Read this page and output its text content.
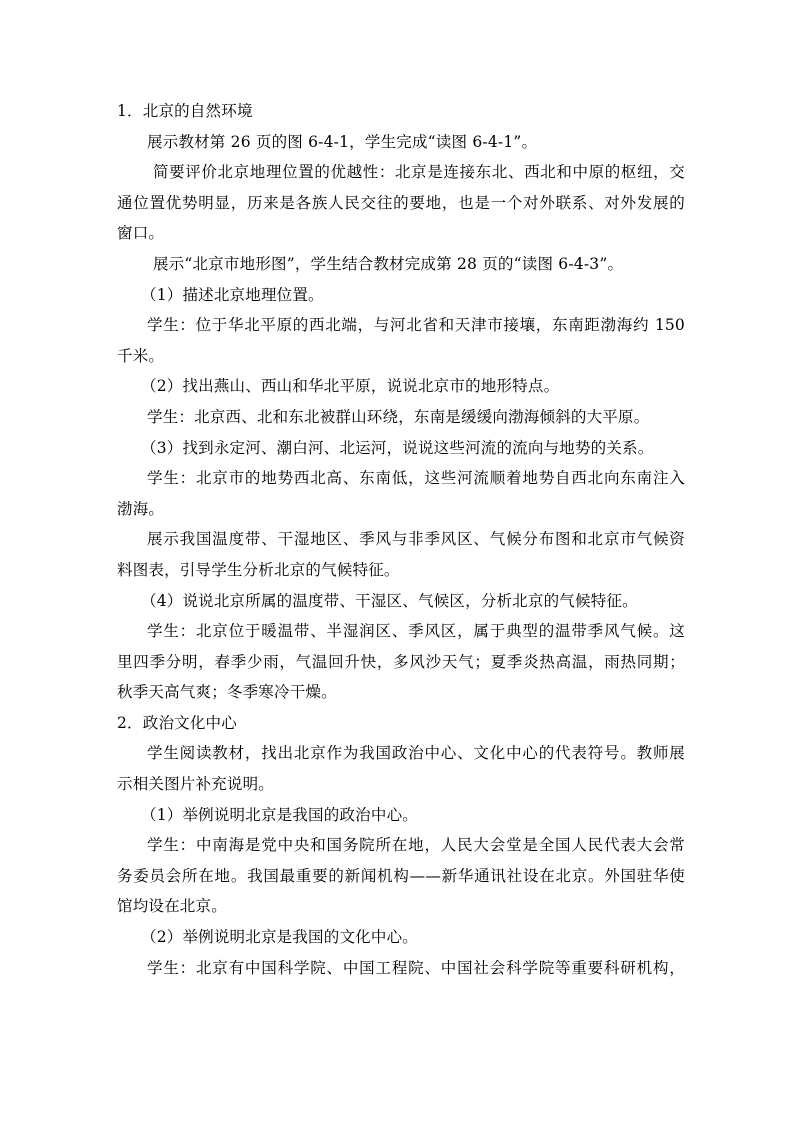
1．北京的自然环境
展示教材第 26 页的图 6-4-1，学生完成“读图 6-4-1”。
简要评价北京地理位置的优越性：北京是连接东北、西北和中原的枢纽，交
通位置优势明显，历来是各族人民交往的要地，也是一个对外联系、对外发展的
窗口。
展示“北京市地形图”，学生结合教材完成第 28 页的“读图 6-4-3”。
（1）描述北京地理位置。
学生：位于华北平原的西北端，与河北省和天津市接壤，东南距渤海约 150
千米。
（2）找出燕山、西山和华北平原，说说北京市的地形特点。
学生：北京西、北和东北被群山环绕，东南是缓缓向渤海倾斜的大平原。
（3）找到永定河、潮白河、北运河，说说这些河流的流向与地势的关系。
学生：北京市的地势西北高、东南低，这些河流顺着地势自西北向东南注入
渤海。
展示我国温度带、干湿地区、季风与非季风区、气候分布图和北京市气候资
料图表，引导学生分析北京的气候特征。
（4）说说北京所属的温度带、干湿区、气候区，分析北京的气候特征。
学生：北京位于暖温带、半湿润区、季风区，属于典型的温带季风气候。这
里四季分明，春季少雨，气温回升快，多风沙天气；夏季炎热高温，雨热同期；
秋季天高气爽；冬季寒冷干燥。
2．政治文化中心
学生阅读教材，找出北京作为我国政治中心、文化中心的代表符号。教师展
示相关图片补充说明。
（1）举例说明北京是我国的政治中心。
学生：中南海是党中央和国务院所在地，人民大会堂是全国人民代表大会常
务委员会所在地。我国最重要的新闻机构——新华通讯社设在北京。外国驻华使
馆均设在北京。
（2）举例说明北京是我国的文化中心。
学生：北京有中国科学院、中国工程院、中国社会科学院等重要科研机构，
